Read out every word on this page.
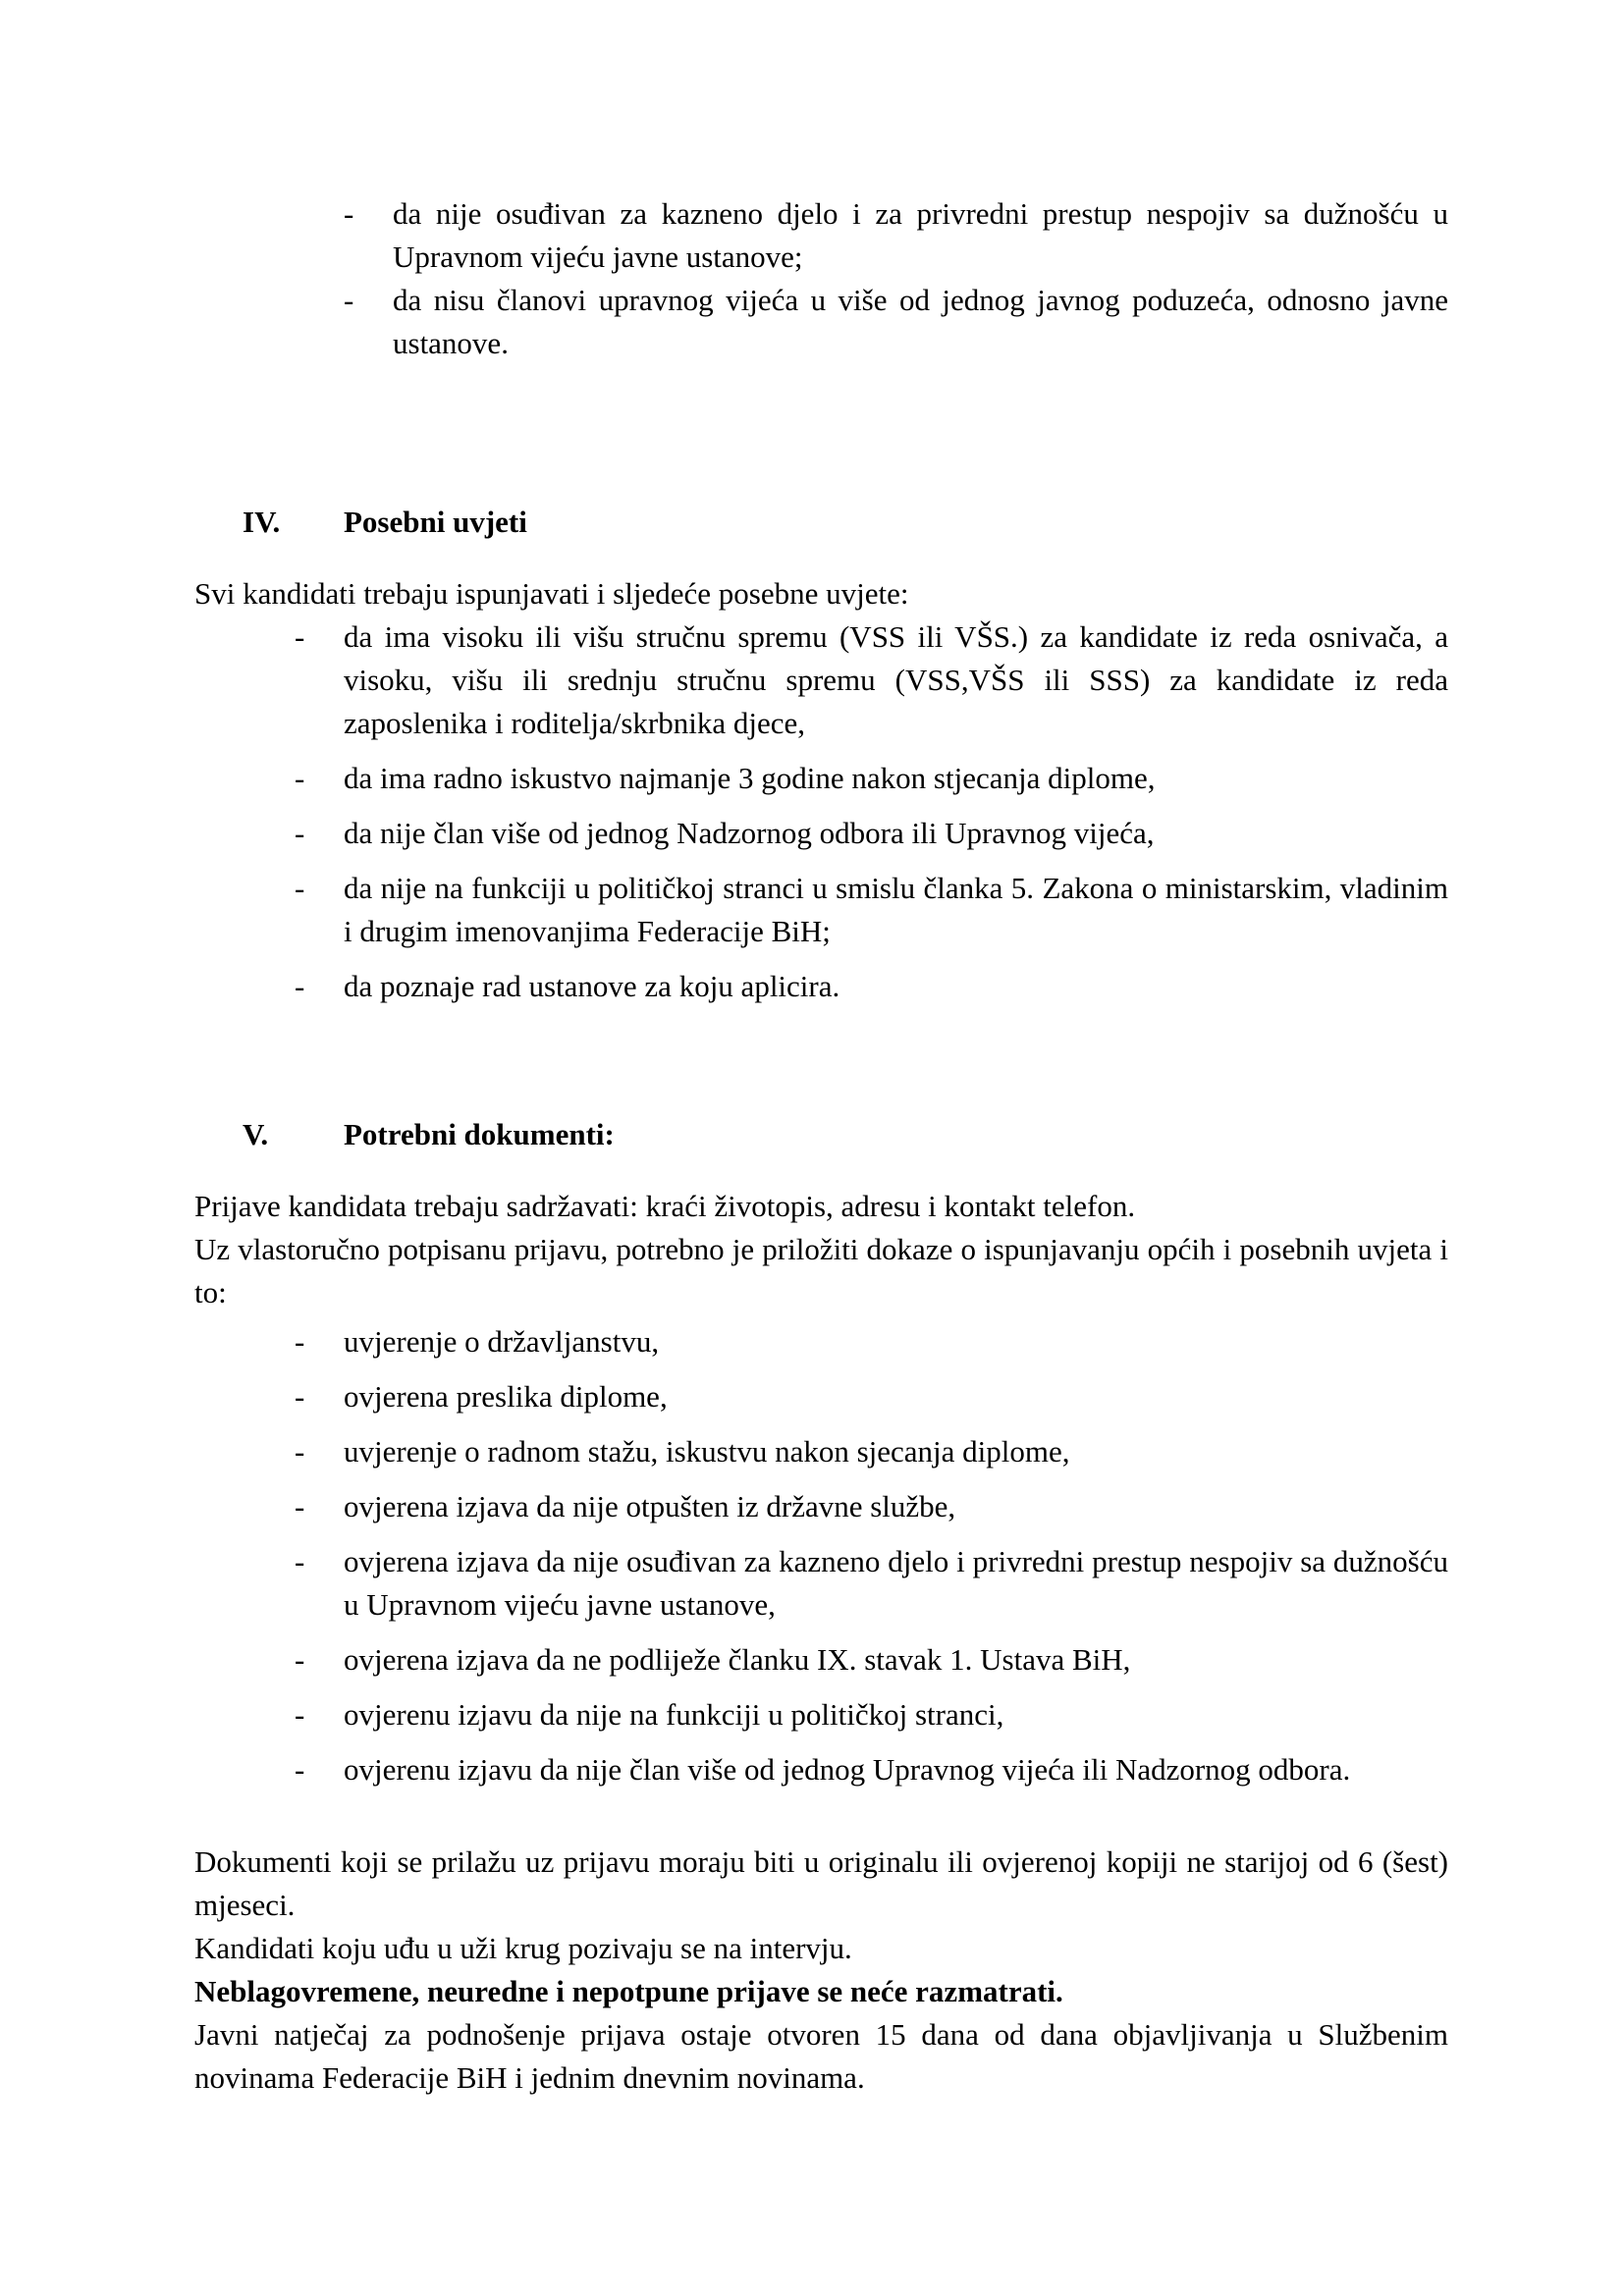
- da nije osuđivan za kazneno djelo i za privredni prestup nespojiv sa dužnošću u Upravnom vijeću javne ustanove;
- da nisu članovi upravnog vijeća u više od jednog javnog poduzeća, odnosno javne ustanove.
IV. Posebni uvjeti

Svi kandidati trebaju ispunjavati i sljedeće posebne uvjete:

- da ima visoku ili višu stručnu spremu (VSS ili VŠS.) za kandidate iz reda osnivača, a visoku, višu ili srednju stručnu spremu (VSS,VŠS ili SSS) za kandidate iz reda zaposlenika i roditelja/skrbnika djece,
- da ima radno iskustvo najmanje 3 godine nakon stjecanja diplome,
- da nije član više od jednog Nadzornog odbora ili Upravnog vijeća,
- da nije na funkciji u političkoj stranci u smislu članka 5. Zakona o ministarskim, vladinim i drugim imenovanjima Federacije BiH;
- da poznaje rad ustanove za koju aplicira.
V. Potrebni dokumenti:

Prijave kandidata trebaju sadržavati: kraći životopis, adresu i kontakt telefon.

Uz vlastoručno potpisanu prijavu, potrebno je priložiti dokaze o ispunjavanju općih i posebnih uvjeta i to:

- uvjerenje o državljanstvu,
- ovjerena preslika diplome,
- uvjerenje o radnom stažu, iskustvu nakon sjecanja diplome,
- ovjerena izjava da nije otpušten iz državne službe,
- ovjerena izjava da nije osuđivan za kazneno djelo i privredni prestup nespojiv sa dužnošću u Upravnom vijeću javne ustanove,
- ovjerena izjava da ne podliježe članku IX. stavak 1. Ustava BiH,
- ovjerenu izjavu da nije na funkciji u političkoj stranci,
- ovjerenu izjavu da nije član više od jednog Upravnog vijeća ili Nadzornog odbora.
Dokumenti koji se prilažu uz prijavu moraju biti u originalu ili ovjerenoj kopiji ne starijoj od 6 (šest) mjeseci.
Kandidati koju uđu u uži krug pozivaju se na intervju.
Neblagovremene, neuredne i nepotpune prijave se neće razmatrati.
Javni natječaj za podnošenje prijava ostaje otvoren 15 dana od dana objavljivanja u Službenim novinama Federacije BiH i jednim dnevnim novinama.
